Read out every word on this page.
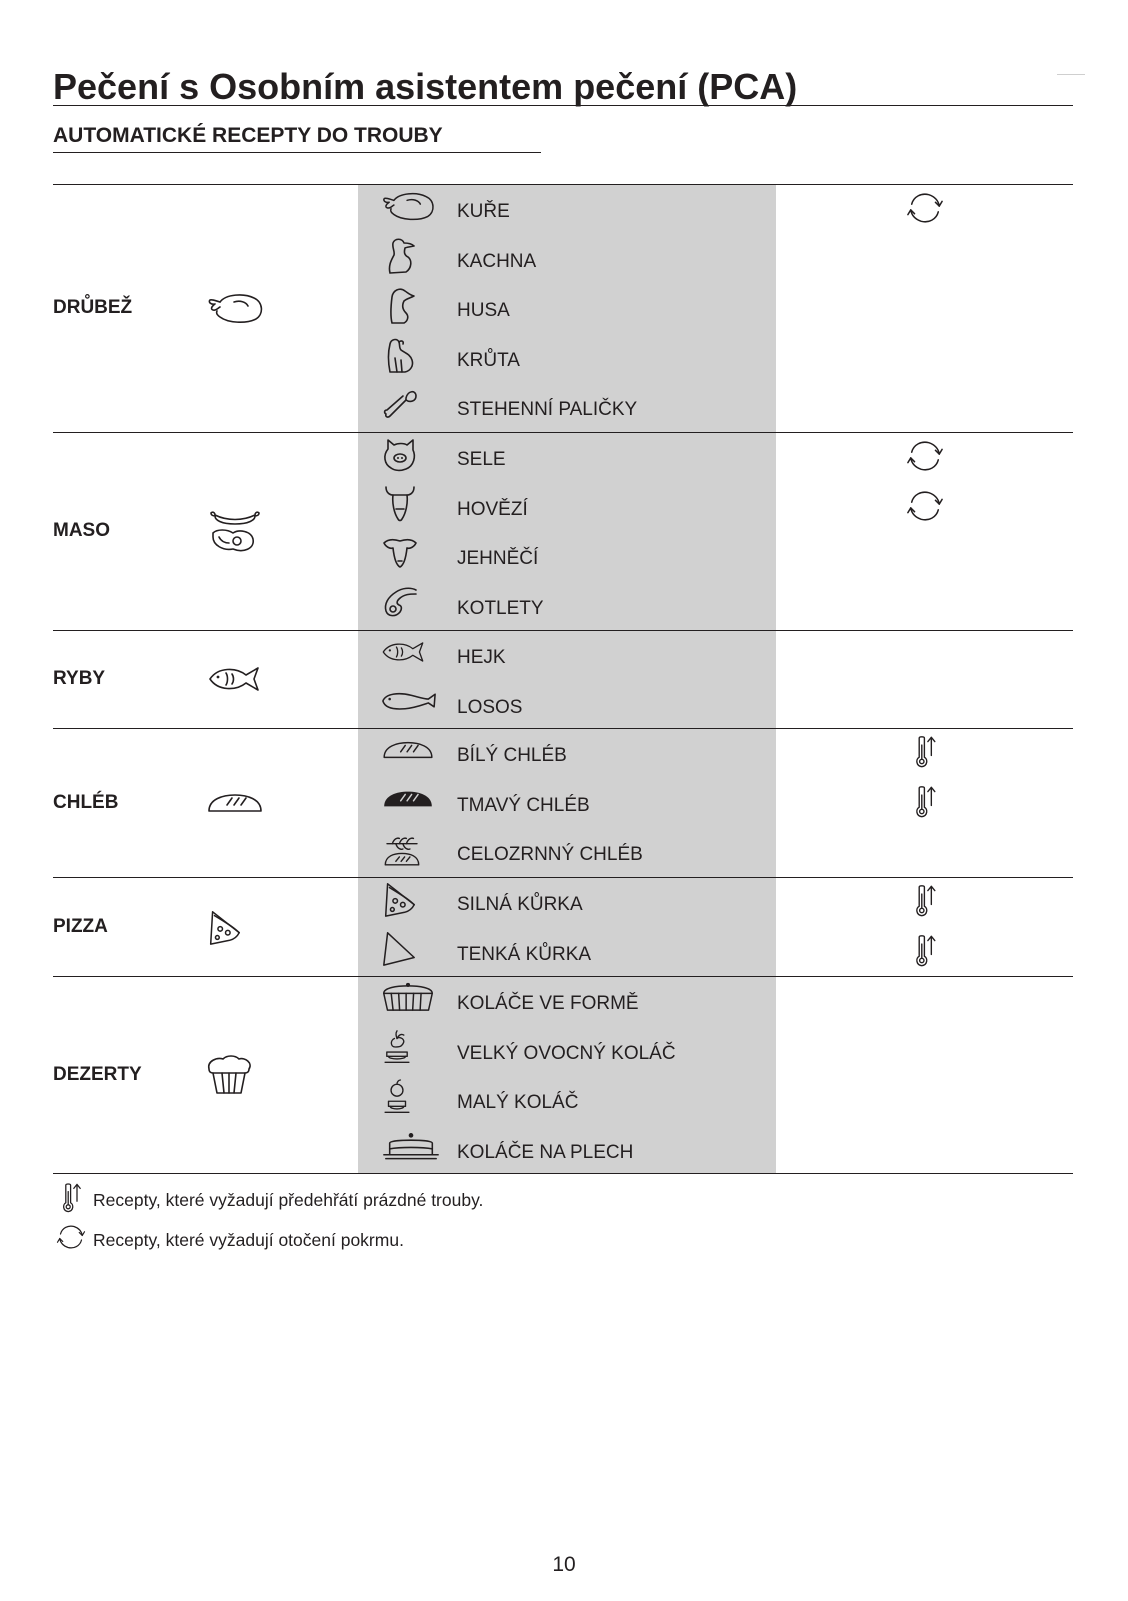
Pečení s Osobním asistentem pečení (PCA)
AUTOMATICKÉ RECEPTY DO TROUBY
DRŮBEŽ
KUŘE
KACHNA
HUSA
KRŮTA
STEHENNÍ PALIČKY
MASO
SELE
HOVĚZÍ
JEHNĚČÍ
KOTLETY
RYBY
HEJK
LOSOS
CHLÉB
BÍLÝ CHLÉB
TMAVÝ CHLÉB
CELOZRNNÝ CHLÉB
PIZZA
SILNÁ KŮRKA
TENKÁ KŮRKA
DEZERTY
KOLÁČE VE FORMĚ
VELKÝ OVOCNÝ KOLÁČ
MALÝ KOLÁČ
KOLÁČE NA PLECH
Recepty, které vyžadují předehřátí prázdné trouby.
Recepty, které vyžadují otočení pokrmu.
10
